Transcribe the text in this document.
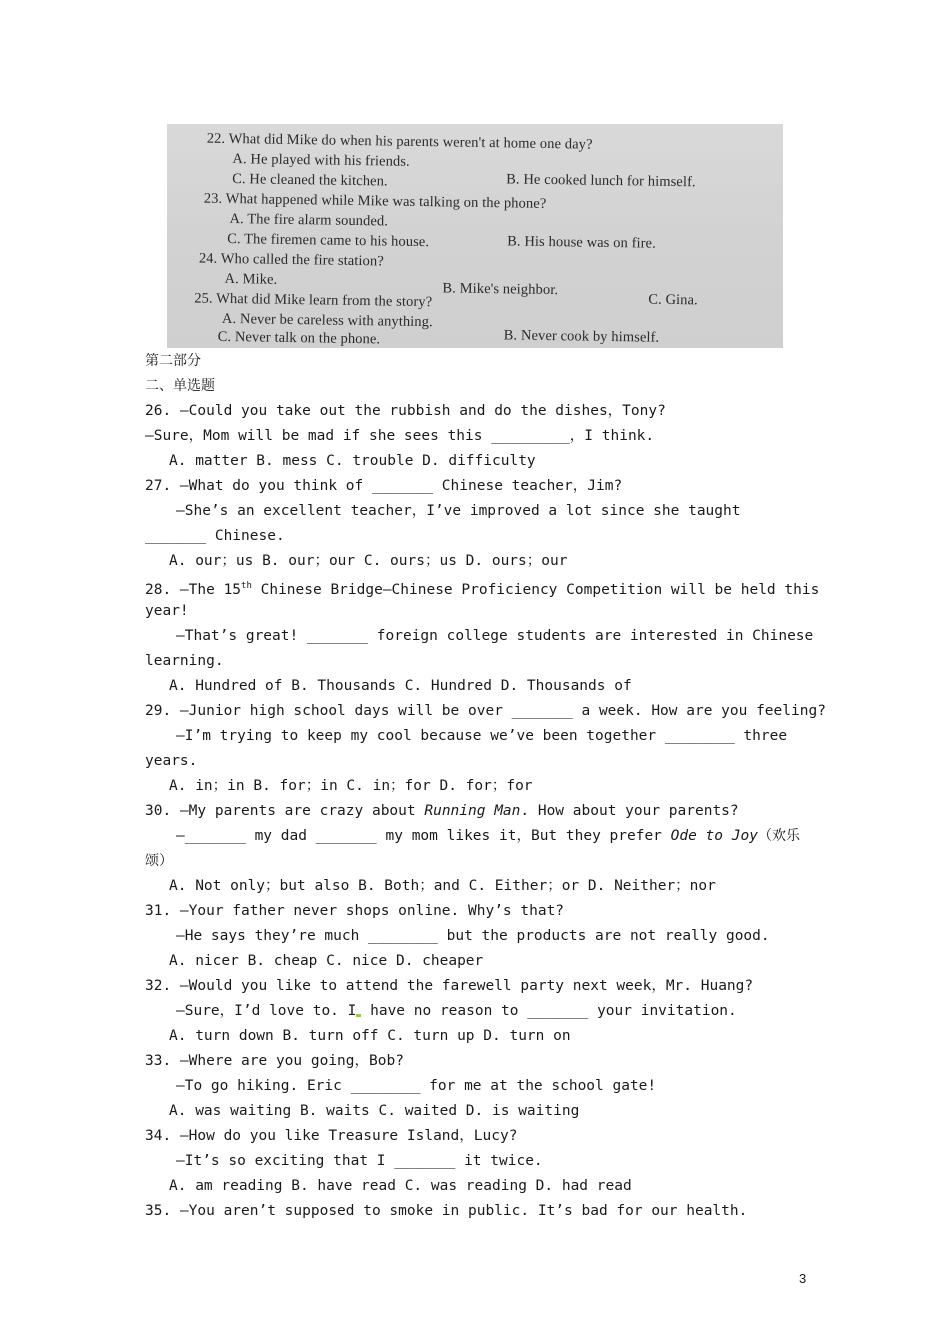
22. What did Mike do when his parents weren't at home one day?
A. He played with his friends.
C. He cleaned the kitchen.	B. He cooked lunch for himself.
23. What happened while Mike was talking on the phone?
A. The fire alarm sounded.
C. The firemen came to his house.	B. His house was on fire.
24. Who called the fire station?
A. Mike.
B. Mike's neighbor.
C. Gina.
25. What did Mike learn from the story?
A. Never be careless with anything.
C. Never talk on the phone.	B. Never cook by himself.
第二部分
二、单选题
26. —Could you take out the rubbish and do the dishes，Tony?
—Sure，Mom will be mad if she sees this _________，I think.
A. matter B. mess C. trouble D. difficulty
27. —What do you think of _______ Chinese teacher，Jim?
—She’s an excellent teacher，I’ve improved a lot since she taught
_______ Chinese.
A. our；us B. our；our C. ours；us D. ours；our
28. —The 15th Chinese Bridge—Chinese Proficiency Competition will be held this
year!
—That’s great! _______ foreign college students are interested in Chinese
learning.
A. Hundred of B. Thousands C. Hundred D. Thousands of
29. —Junior high school days will be over _______ a week. How are you feeling?
—I’m trying to keep my cool because we’ve been together ________ three
years.
A. in；in B. for；in C. in；for D. for；for
30. —My parents are crazy about Running Man. How about your parents?
—_______ my dad _______ my mom likes it，But they prefer Ode to Joy（欢乐
颂）
A. Not only；but also B. Both；and C. Either；or D. Neither；nor
31. —Your father never shops online. Why’s that?
—He says they’re much ________ but the products are not really good.
A. nicer B. cheap C. nice D. cheaper
32. —Would you like to attend the farewell party next week，Mr. Huang?
—Sure，I’d love to. I have no reason to _______ your invitation.
A. turn down B. turn off C. turn up D. turn on
33. —Where are you going，Bob?
—To go hiking. Eric ________ for me at the school gate!
A. was waiting B. waits C. waited D. is waiting
34. —How do you like Treasure Island，Lucy?
—It’s so exciting that I _______ it twice.
A. am reading B. have read C. was reading D. had read
35. —You aren’t supposed to smoke in public. It’s bad for our health.
3
